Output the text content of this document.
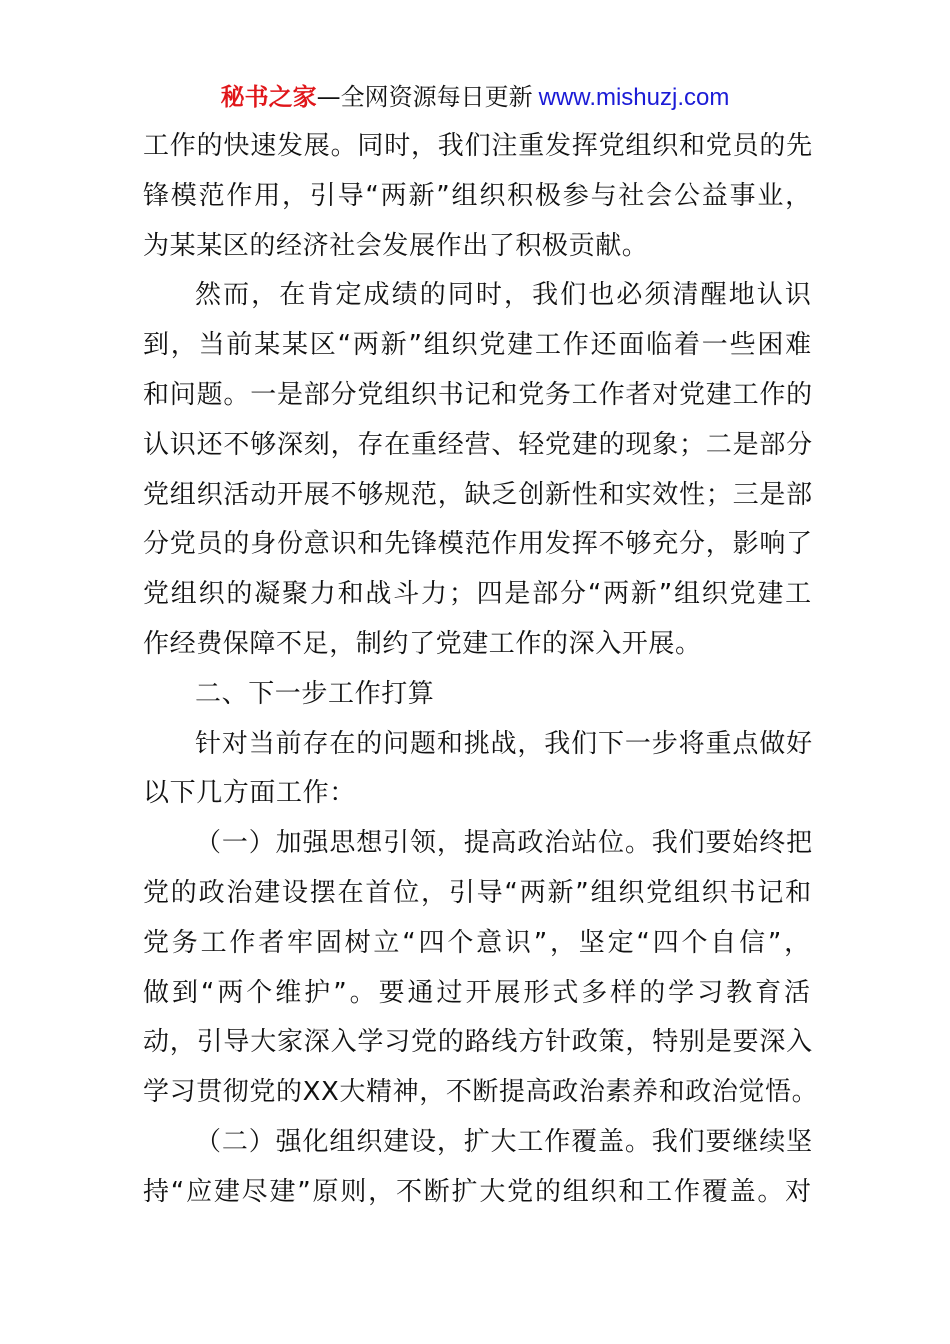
秘书之家—全网资源每日更新 www.mishuzj.com
工作的快速发展。同时，我们注重发挥党组织和党员的先
锋模范作用，引导“两新”组织积极参与社会公益事业，
为某某区的经济社会发展作出了积极贡献。
然而，在肯定成绩的同时，我们也必须清醒地认识
到，当前某某区“两新”组织党建工作还面临着一些困难
和问题。一是部分党组织书记和党务工作者对党建工作的
认识还不够深刻，存在重经营、轻党建的现象；二是部分
党组织活动开展不够规范，缺乏创新性和实效性；三是部
分党员的身份意识和先锋模范作用发挥不够充分，影响了
党组织的凝聚力和战斗力；四是部分“两新”组织党建工
作经费保障不足，制约了党建工作的深入开展。
二、下一步工作打算
针对当前存在的问题和挑战，我们下一步将重点做好
以下几方面工作：
（一）加强思想引领，提高政治站位。我们要始终把
党的政治建设摆在首位，引导“两新”组织党组织书记和
党务工作者牢固树立“四个意识”，坚定“四个自信”，
做到“两个维护”。要通过开展形式多样的学习教育活
动，引导大家深入学习党的路线方针政策，特别是要深入
学习贯彻党的XX大精神，不断提高政治素养和政治觉悟。
（二）强化组织建设，扩大工作覆盖。我们要继续坚
持“应建尽建”原则，不断扩大党的组织和工作覆盖。对
